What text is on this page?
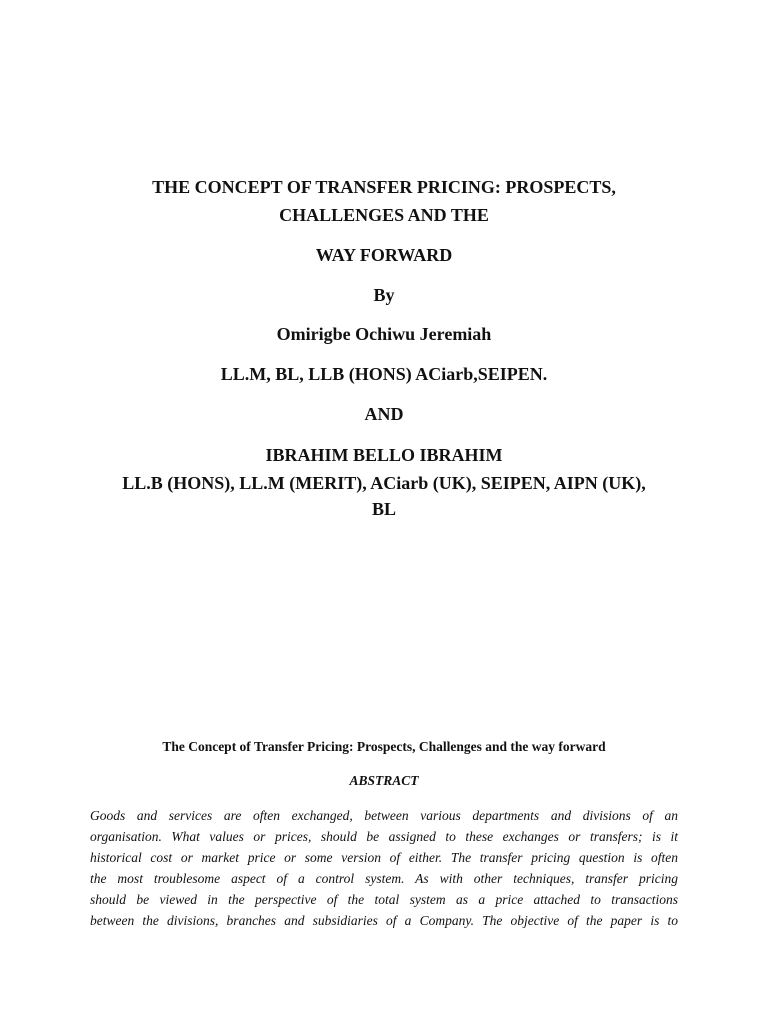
THE CONCEPT OF TRANSFER PRICING: PROSPECTS,
CHALLENGES AND THE
WAY FORWARD
By
Omirigbe Ochiwu Jeremiah
LL.M, BL, LLB (HONS) ACiarb,SEIPEN.
AND
IBRAHIM BELLO IBRAHIM
LL.B (HONS), LL.M (MERIT), ACiarb (UK), SEIPEN, AIPN (UK),
BL
The Concept of Transfer Pricing: Prospects, Challenges and the way forward
ABSTRACT
Goods and services are often exchanged, between various departments and divisions of an
organisation. What values or prices, should be assigned to these exchanges or transfers; is it
historical cost or market price or some version of either. The transfer pricing question is often
the most troublesome aspect of a control system. As with other techniques, transfer pricing
should be viewed in the perspective of the total system as a price attached to transactions
between the divisions, branches and subsidiaries of a Company. The objective of the paper is to
